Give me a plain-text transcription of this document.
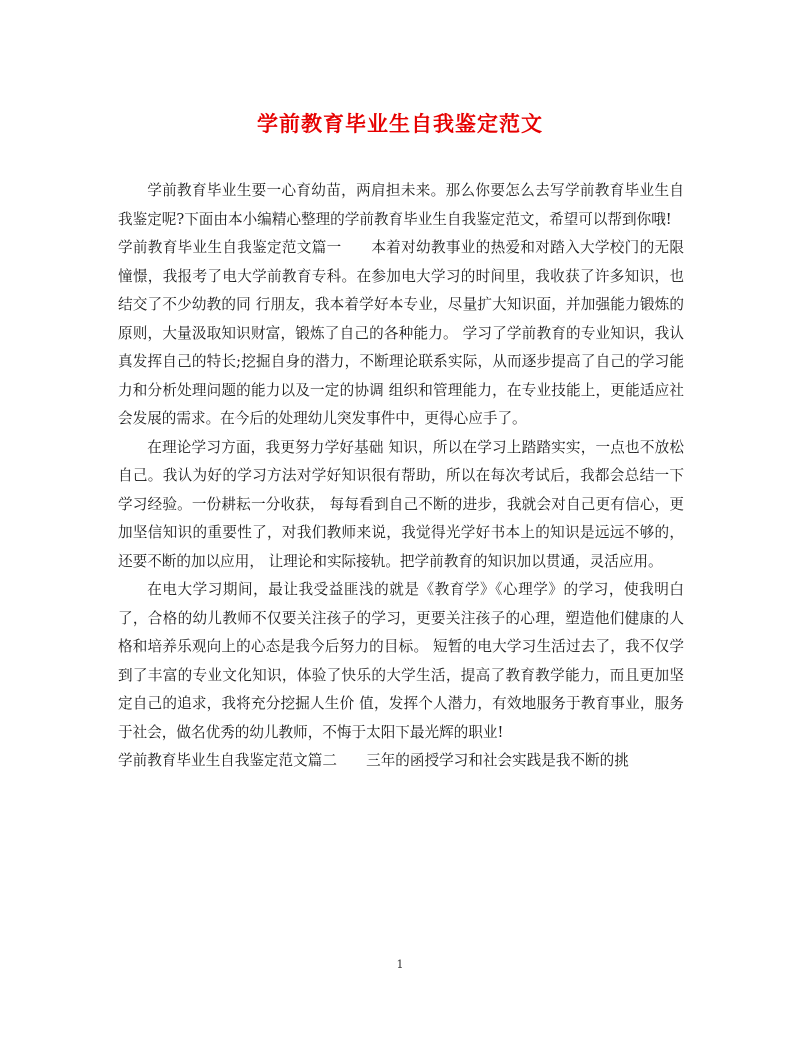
学前教育毕业生自我鉴定范文

学前教育毕业生要一心育幼苗，两肩担未来。那么你要怎么去写学前教育毕业生自我鉴定呢?下面由本小编精心整理的学前教育毕业生自我鉴定范文，希望可以帮到你哦!

学前教育毕业生自我鉴定范文篇一　　本着对幼教事业的热爱和对踏入大学校门的无限憧憬，我报考了电大学前教育专科。在参加电大学习的时间里，我收获了许多知识，也结交了不少幼教的同 行朋友，我本着学好本专业，尽量扩大知识面，并加强能力锻炼的原则，大量汲取知识财富，锻炼了自己的各种能力。 学习了学前教育的专业知识，我认真发挥自己的特长;挖掘自身的潜力，不断理论联系实际，从而逐步提高了自己的学习能力和分析处理问题的能力以及一定的协调 组织和管理能力，在专业技能上，更能适应社会发展的需求。在今后的处理幼儿突发事件中，更得心应手了。

在理论学习方面，我更努力学好基础 知识，所以在学习上踏踏实实，一点也不放松自己。我认为好的学习方法对学好知识很有帮助，所以在每次考试后，我都会总结一下学习经验。一份耕耘一分收获， 每每看到自己不断的进步，我就会对自己更有信心，更加坚信知识的重要性了，对我们教师来说，我觉得光学好书本上的知识是远远不够的，还要不断的加以应用， 让理论和实际接轨。把学前教育的知识加以贯通，灵活应用。

在电大学习期间，最让我受益匪浅的就是《教育学》《心理学》的学习，使我明白 了，合格的幼儿教师不仅要关注孩子的学习，更要关注孩子的心理，塑造他们健康的人格和培养乐观向上的心态是我今后努力的目标。 短暂的电大学习生活过去了，我不仅学到了丰富的专业文化知识，体验了快乐的大学生活，提高了教育教学能力，而且更加坚定自己的追求，我将充分挖掘人生价 值，发挥个人潜力，有效地服务于教育事业，服务于社会，做名优秀的幼儿教师，不悔于太阳下最光辉的职业!

学前教育毕业生自我鉴定范文篇二　　三年的函授学习和社会实践是我不断的挑

1
